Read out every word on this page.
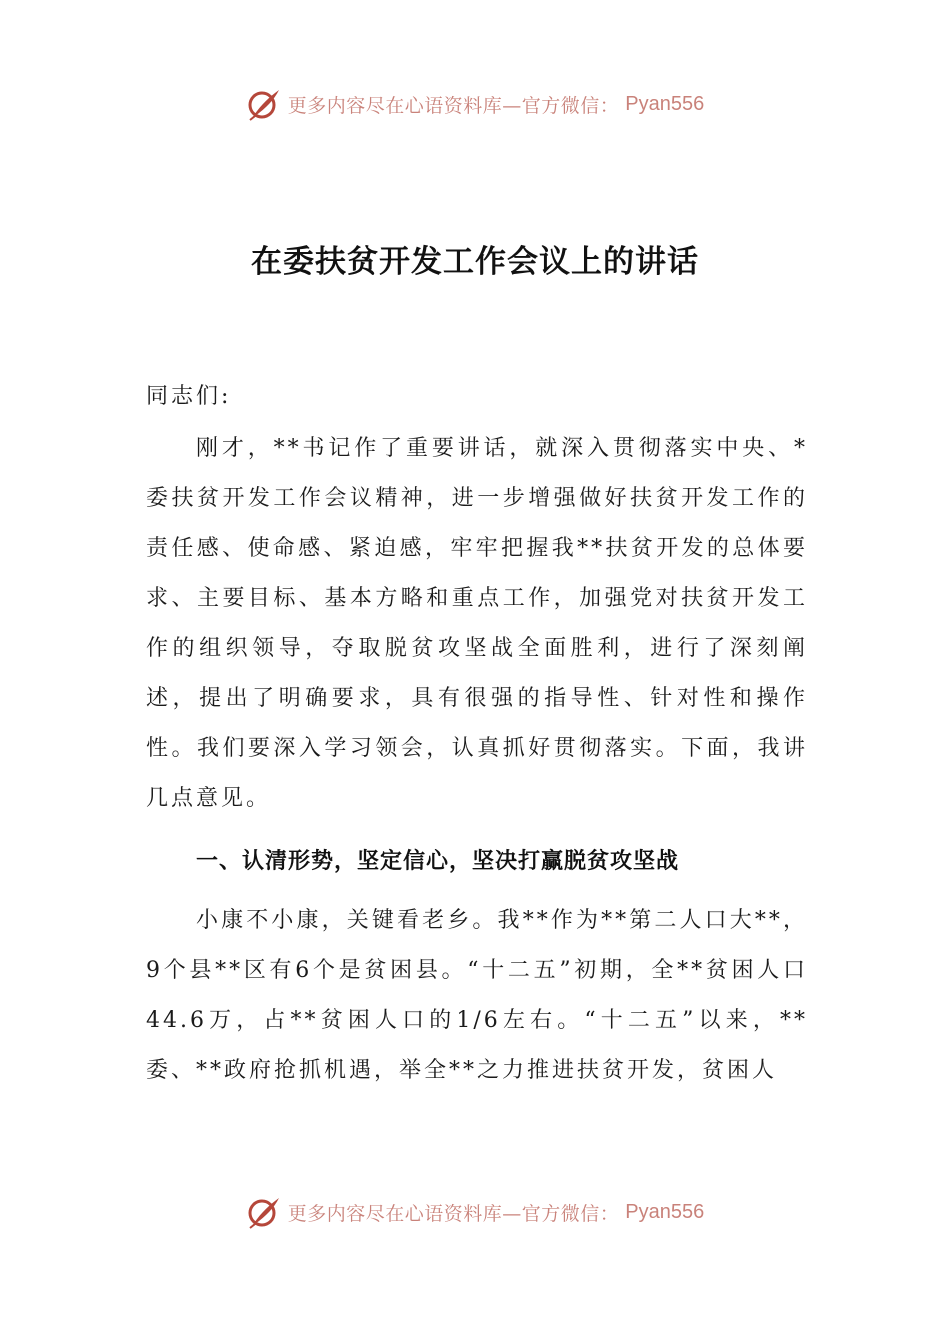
更多内容尽在心语资料库—官方微信： Pyan556
在委扶贫开发工作会议上的讲话

同志们:

刚才，**书记作了重要讲话，就深入贯彻落实中央、*委扶贫开发工作会议精神，进一步增强做好扶贫开发工作的责任感、使命感、紧迫感，牢牢把握我**扶贫开发的总体要求、主要目标、基本方略和重点工作，加强党对扶贫开发工作的组织领导，夺取脱贫攻坚战全面胜利，进行了深刻阐述，提出了明确要求，具有很强的指导性、针对性和操作性。我们要深入学习领会，认真抓好贯彻落实。下面，我讲几点意见。

一、认清形势，坚定信心，坚决打赢脱贫攻坚战

小康不小康，关键看老乡。我**作为**第二人口大**，9个县**区有6个是贫困县。“十二五”初期，全**贫困人口44.6万，占**贫困人口的1/6左右。“十二五”以来，**委、**政府抢抓机遇，举全**之力推进扶贫开发，贫困人

更多内容尽在心语资料库—官方微信： Pyan556
